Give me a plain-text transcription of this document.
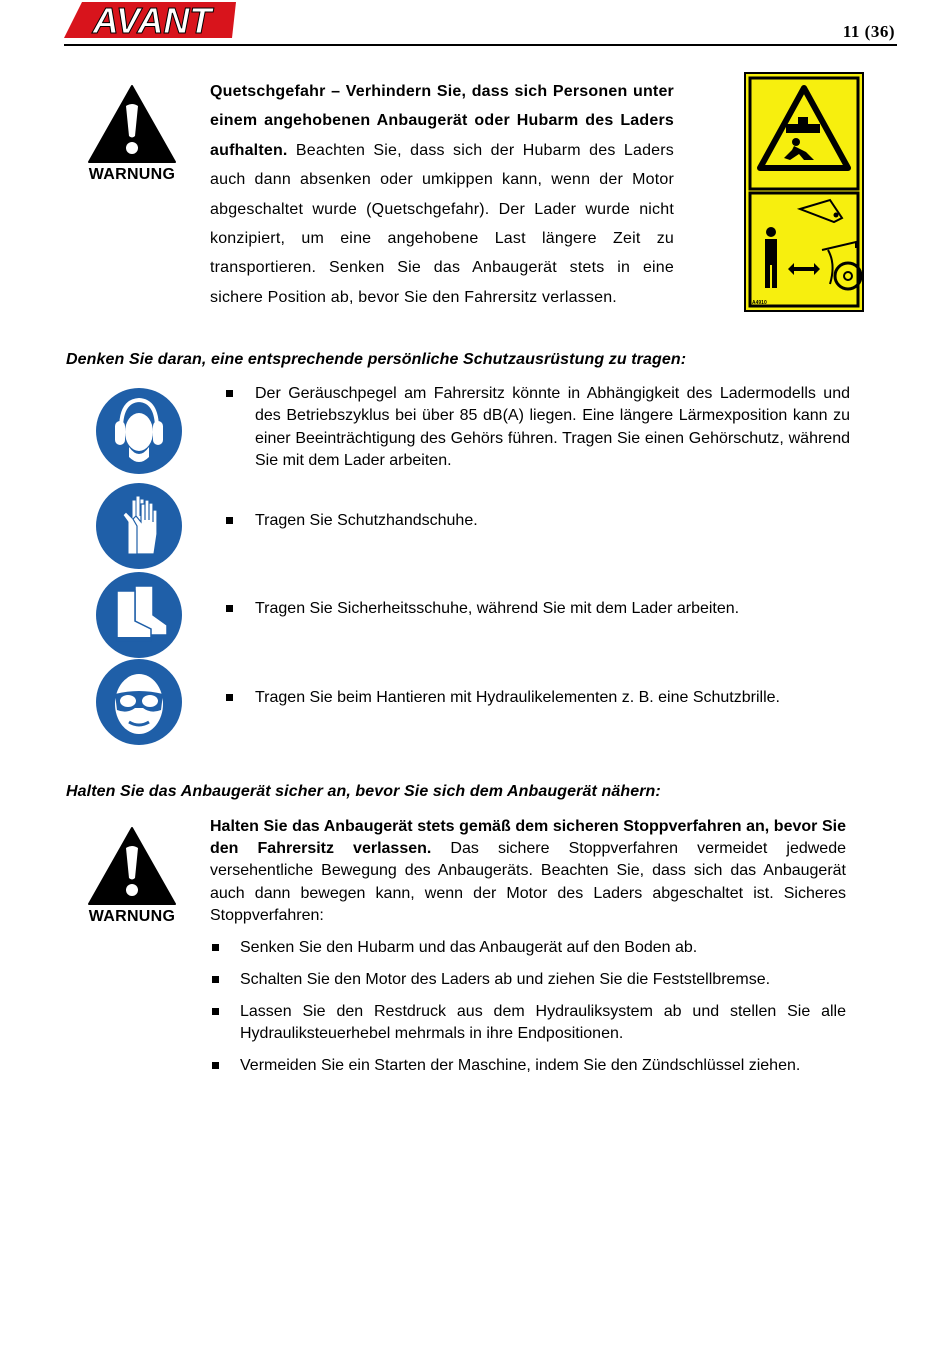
AVANT	11 (36)
WARNUNG
Quetschgefahr – Verhindern Sie, dass sich Personen unter einem angehobenen Anbaugerät oder Hubarm des Laders aufhalten. Beachten Sie, dass sich der Hubarm des Laders auch dann absenken oder umkippen kann, wenn der Motor abgeschaltet wurde (Quetschgefahr). Der Lader wurde nicht konzipiert, um eine angehobene Last längere Zeit zu transportieren. Senken Sie das Anbaugerät stets in eine sichere Position ab, bevor Sie den Fahrersitz verlassen.	A4910
Denken Sie daran, eine entsprechende persönliche Schutzausrüstung zu tragen:
Der Geräuschpegel am Fahrersitz könnte in Abhängigkeit des Ladermodells und des Betriebszyklus bei über 85 dB(A) liegen. Eine längere Lärmexposition kann zu einer Beeinträchtigung des Gehörs führen. Tragen Sie einen Gehörschutz, während Sie mit dem Lader arbeiten.
Tragen Sie Schutzhandschuhe.
Tragen Sie Sicherheitsschuhe, während Sie mit dem Lader arbeiten.
Tragen Sie beim Hantieren mit Hydraulikelementen z. B. eine Schutzbrille.
Halten Sie das Anbaugerät sicher an, bevor Sie sich dem Anbaugerät nähern:
WARNUNG
Halten Sie das Anbaugerät stets gemäß dem sicheren Stoppverfahren an, bevor Sie den Fahrersitz verlassen. Das sichere Stoppverfahren vermeidet jedwede versehentliche Bewegung des Anbaugeräts. Beachten Sie, dass sich das Anbaugerät auch dann bewegen kann, wenn der Motor des Laders abgeschaltet ist. Sicheres Stoppverfahren:
Senken Sie den Hubarm und das Anbaugerät auf den Boden ab.
Schalten Sie den Motor des Laders ab und ziehen Sie die Feststellbremse.
Lassen Sie den Restdruck aus dem Hydrauliksystem ab und stellen Sie alle Hydrauliksteuerhebel mehrmals in ihre Endpositionen.
Vermeiden Sie ein Starten der Maschine, indem Sie den Zündschlüssel ziehen.
